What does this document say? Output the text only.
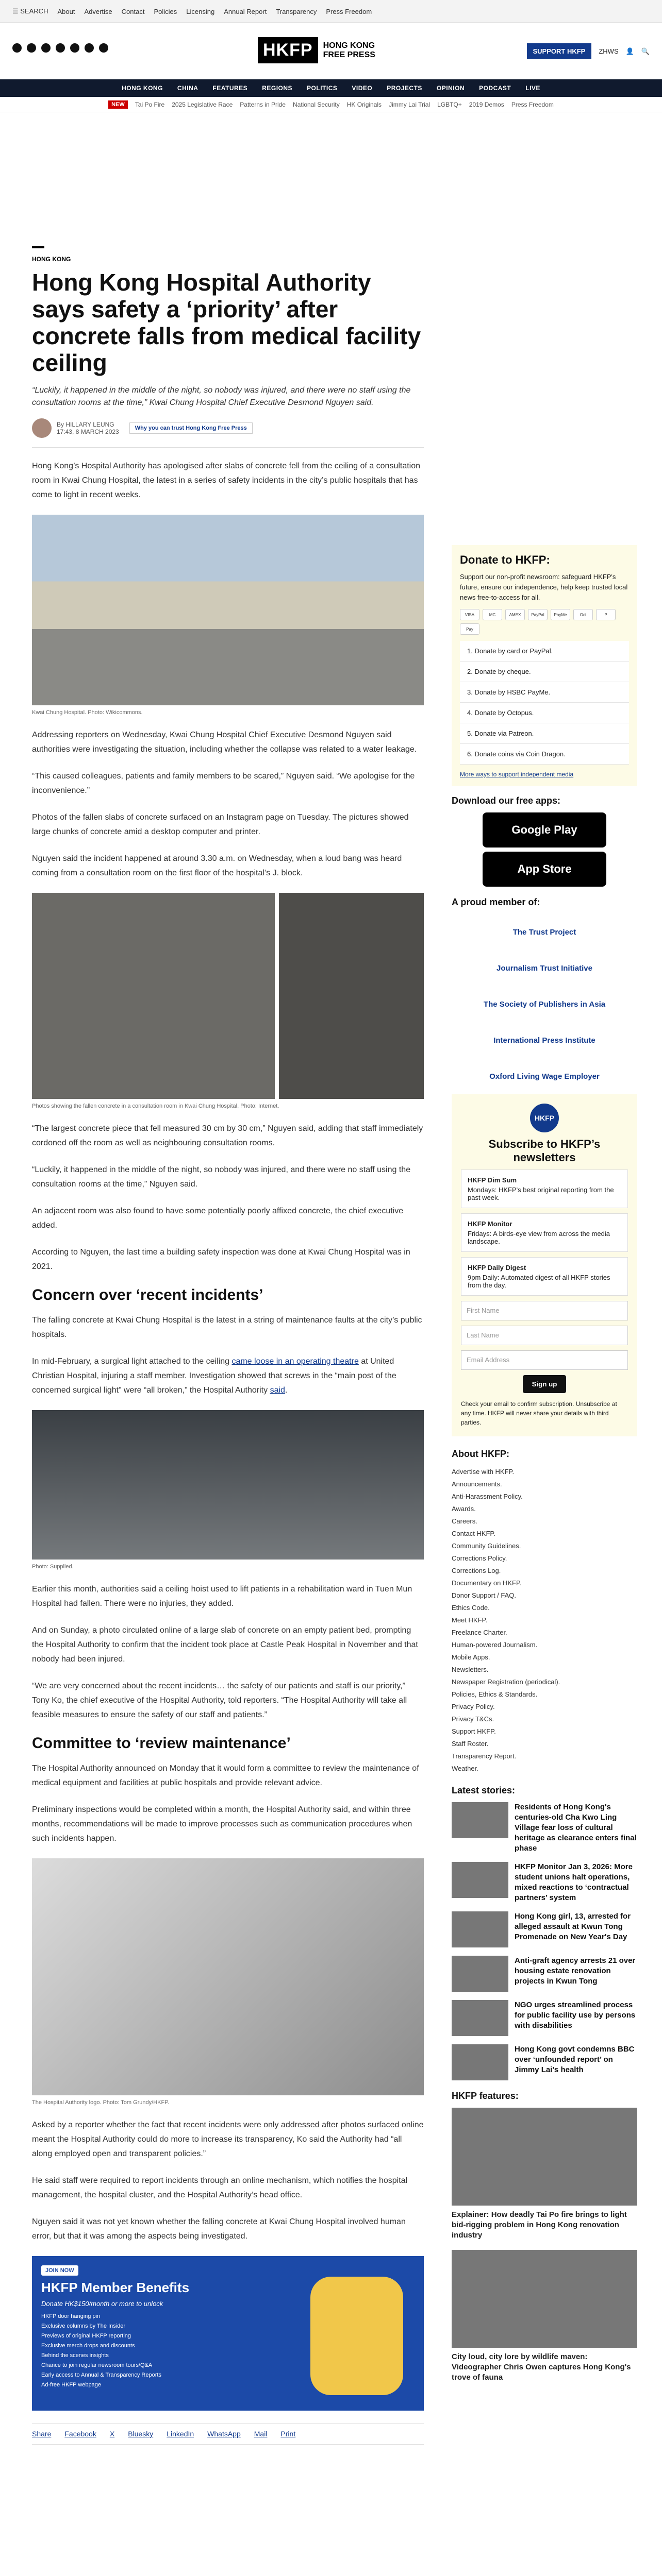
☰ SEARCH About Advertise Contact Policies Licensing Annual Report Transparency Press Freedom
HKFP	HONG KONG
FREE PRESS	SUPPORT HKFP	ZHWS 👤 🔍
HONG KONG CHINA FEATURES REGIONS POLITICS VIDEO PROJECTS OPINION PODCAST LIVE
NEW	Tai Po Fire 2025 Legislative Race Patterns in Pride National Security HK Originals Jimmy Lai Trial LGBTQ+ 2019 Demos Press Freedom
HONG KONG
Hong Kong Hospital Authority says safety a ‘priority’ after concrete falls from medical facility ceiling
“Luckily, it happened in the middle of the night, so nobody was injured, and there were no staff using the consultation rooms at the time,” Kwai Chung Hospital Chief Executive Desmond Nguyen said.
By HILLARY LEUNG
17:43, 8 MARCH 2023	Why you can trust Hong Kong Free Press

Hong Kong’s Hospital Authority has apologised after slabs of concrete fell from the ceiling of a consultation room in Kwai Chung Hospital, the latest in a series of safety incidents in the city’s public hospitals that has come to light in recent weeks.

Kwai Chung Hospital. Photo: Wikicommons.

Addressing reporters on Wednesday, Kwai Chung Hospital Chief Executive Desmond Nguyen said authorities were investigating the situation, including whether the collapse was related to a water leakage.

“This caused colleagues, patients and family members to be scared,” Nguyen said. “We apologise for the inconvenience.”

Photos of the fallen slabs of concrete surfaced on an Instagram page on Tuesday. The pictures showed large chunks of concrete amid a desktop computer and printer.

Nguyen said the incident happened at around 3.30 a.m. on Wednesday, when a loud bang was heard coming from a consultation room on the first floor of the hospital’s J. block.

Photos showing the fallen concrete in a consultation room in Kwai Chung Hospital. Photo: Internet.

“The largest concrete piece that fell measured 30 cm by 30 cm,” Nguyen said, adding that staff immediately cordoned off the room as well as neighbouring consultation rooms.

“Luckily, it happened in the middle of the night, so nobody was injured, and there were no staff using the consultation rooms at the time,” Nguyen said.

An adjacent room was also found to have some potentially poorly affixed concrete, the chief executive added.

According to Nguyen, the last time a building safety inspection was done at Kwai Chung Hospital was in 2021.

Concern over ‘recent incidents’

The falling concrete at Kwai Chung Hospital is the latest in a string of maintenance faults at the city’s public hospitals.

In mid-February, a surgical light attached to the ceiling came loose in an operating theatre at United Christian Hospital, injuring a staff member. Investigation showed that screws in the “main post of the concerned surgical light” were “all broken,” the Hospital Authority said.

Photo: Supplied.

Earlier this month, authorities said a ceiling hoist used to lift patients in a rehabilitation ward in Tuen Mun Hospital had fallen. There were no injuries, they added.

And on Sunday, a photo circulated online of a large slab of concrete on an empty patient bed, prompting the Hospital Authority to confirm that the incident took place at Castle Peak Hospital in November and that nobody had been injured.

“We are very concerned about the recent incidents… the safety of our patients and staff is our priority,” Tony Ko, the chief executive of the Hospital Authority, told reporters. “The Hospital Authority will take all feasible measures to ensure the safety of our staff and patients.”

Committee to ‘review maintenance’

The Hospital Authority announced on Monday that it would form a committee to review the maintenance of medical equipment and facilities at public hospitals and provide relevant advice.

Preliminary inspections would be completed within a month, the Hospital Authority said, and within three months, recommendations will be made to improve processes such as communication procedures when such incidents happen.

The Hospital Authority logo. Photo: Tom Grundy/HKFP.

Asked by a reporter whether the fact that recent incidents were only addressed after photos surfaced online meant the Hospital Authority could do more to increase its transparency, Ko said the Authority had “all along employed open and transparent policies.”

He said staff were required to report incidents through an online mechanism, which notifies the hospital management, the hospital cluster, and the Hospital Authority’s head office.

Nguyen said it was not yet known whether the falling concrete at Kwai Chung Hospital involved human error, but that it was among the aspects being investigated.

JOIN NOW
HKFP Member Benefits
Donate HK$150/month or more to unlock
HKFP door hanging pin
Exclusive columns by The Insider
Previews of original HKFP reporting
Exclusive merch drops and discounts
Behind the scenes insights
Chance to join regular newsroom tours/Q&A
Early access to Annual & Transparency Reports
Ad-free HKFP webpage
Share Facebook X Bluesky LinkedIn WhatsApp Mail Print
Donate to HKFP:
Support our non-profit newsroom: safeguard HKFP's future, ensure our independence, help keep trusted local news free-to-access for all.
VISA	MC	AMEX	PayPal	PayMe	Oct	P
Pay
1. Donate by card or PayPal.
2. Donate by cheque.
3. Donate by HSBC PayMe.
4. Donate by Octopus.
5. Donate via Patreon.
6. Donate coins via Coin Dragon.
More ways to support independent media
Download our free apps:
Google Play
App Store
A proud member of:
The Trust Project
Journalism Trust Initiative
The Society of Publishers in Asia
International Press Institute
Oxford Living Wage Employer
HKFP
Subscribe to HKFP’s newsletters
HKFP Dim Sum
Mondays: HKFP's best original reporting from the past week.
HKFP Monitor
Fridays: A birds-eye view from across the media landscape.
HKFP Daily Digest
9pm Daily: Automated digest of all HKFP stories from the day.
First Name
Last Name
Email Address
Sign up
Check your email to confirm subscription. Unsubscribe at any time. HKFP will never share your details with third parties.
About HKFP:
Advertise with HKFP.
Announcements.
Anti-Harassment Policy.
Awards.
Careers.
Contact HKFP.
Community Guidelines.
Corrections Policy.
Corrections Log.
Documentary on HKFP.
Donor Support / FAQ.
Ethics Code.
Meet HKFP.
Freelance Charter.
Human-powered Journalism.
Mobile Apps.
Newsletters.
Newspaper Registration (periodical).
Policies, Ethics & Standards.
Privacy Policy.
Privacy T&Cs.
Support HKFP.
Staff Roster.
Transparency Report.
Weather.
Latest stories:
Residents of Hong Kong's centuries-old Cha Kwo Ling Village fear loss of cultural heritage as clearance enters final phase
HKFP Monitor Jan 3, 2026: More student unions halt operations, mixed reactions to ‘contractual partners’ system
Hong Kong girl, 13, arrested for alleged assault at Kwun Tong Promenade on New Year's Day
Anti-graft agency arrests 21 over housing estate renovation projects in Kwun Tong
NGO urges streamlined process for public facility use by persons with disabilities
Hong Kong govt condemns BBC over ‘unfounded report’ on Jimmy Lai's health
HKFP features:
Explainer: How deadly Tai Po fire brings to light bid-rigging problem in Hong Kong renovation industry
City loud, city lore by wildlife maven: Videographer Chris Owen captures Hong Kong's trove of fauna
